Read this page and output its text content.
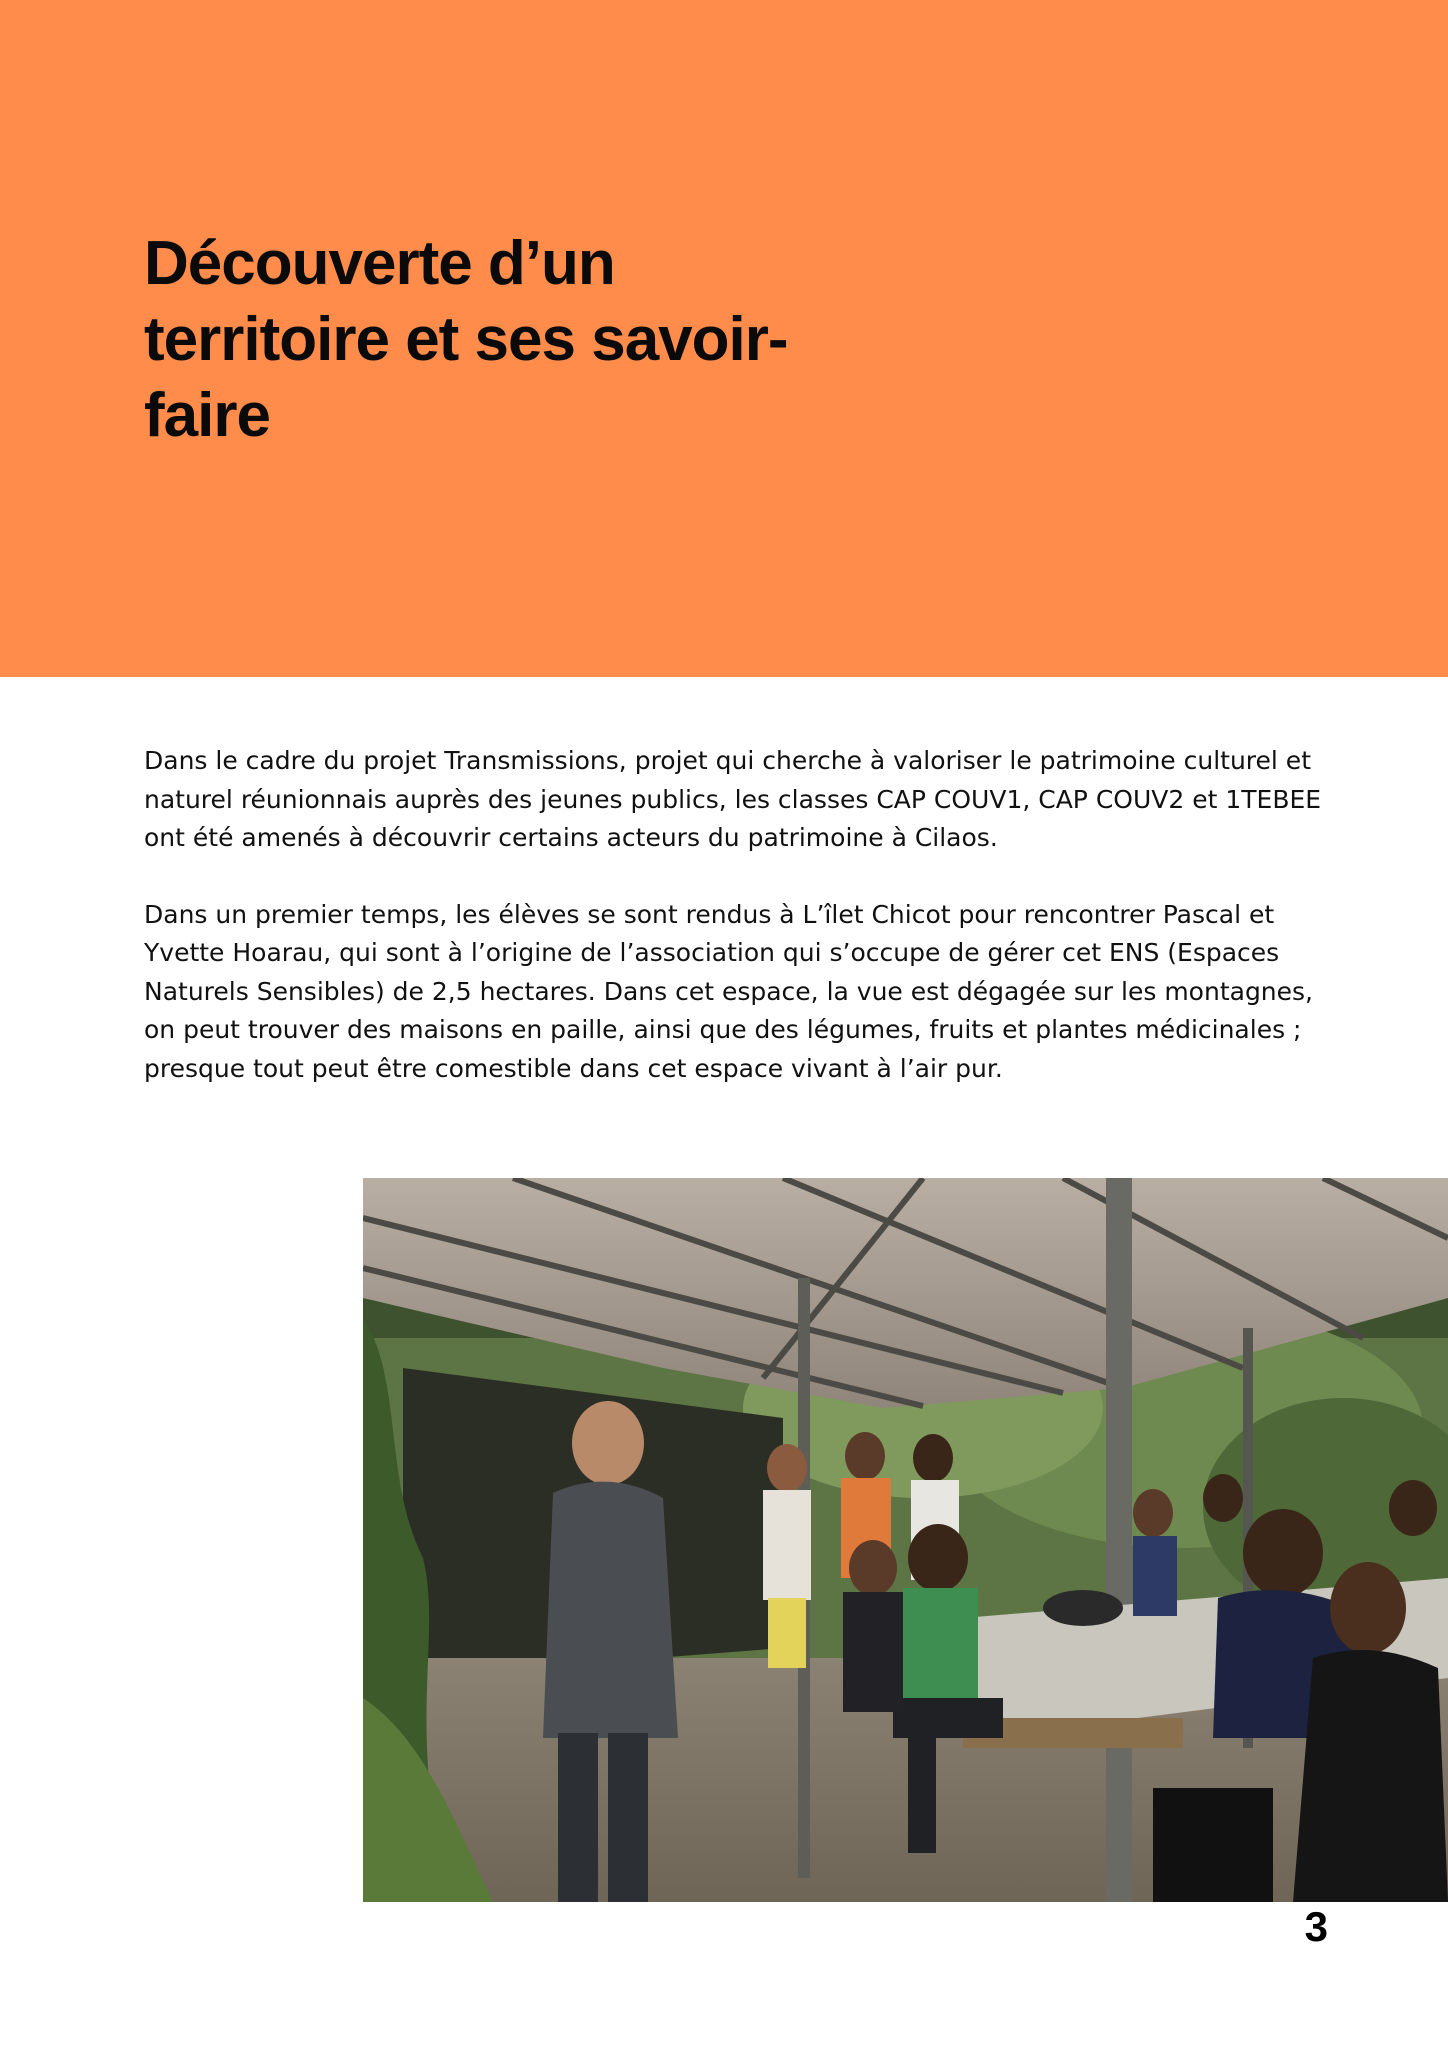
Découverte d’un territoire et ses savoir-faire

Dans le cadre du projet Transmissions, projet qui cherche à valoriser le patrimoine culturel et naturel réunionnais auprès des jeunes publics, les classes CAP COUV1, CAP COUV2 et 1TEBEE ont été amenés à découvrir certains acteurs du patrimoine à Cilaos.

Dans un premier temps, les élèves se sont rendus à L’îlet Chicot pour rencontrer Pascal et Yvette Hoarau, qui sont à l’origine de l’association qui s’occupe de gérer cet ENS (Espaces Naturels Sensibles) de 2,5 hectares. Dans cet espace, la vue est dégagée sur les montagnes, on peut trouver des maisons en paille, ainsi que des légumes, fruits et plantes médicinales ; presque tout peut être comestible dans cet espace vivant à l’air pur.

3
